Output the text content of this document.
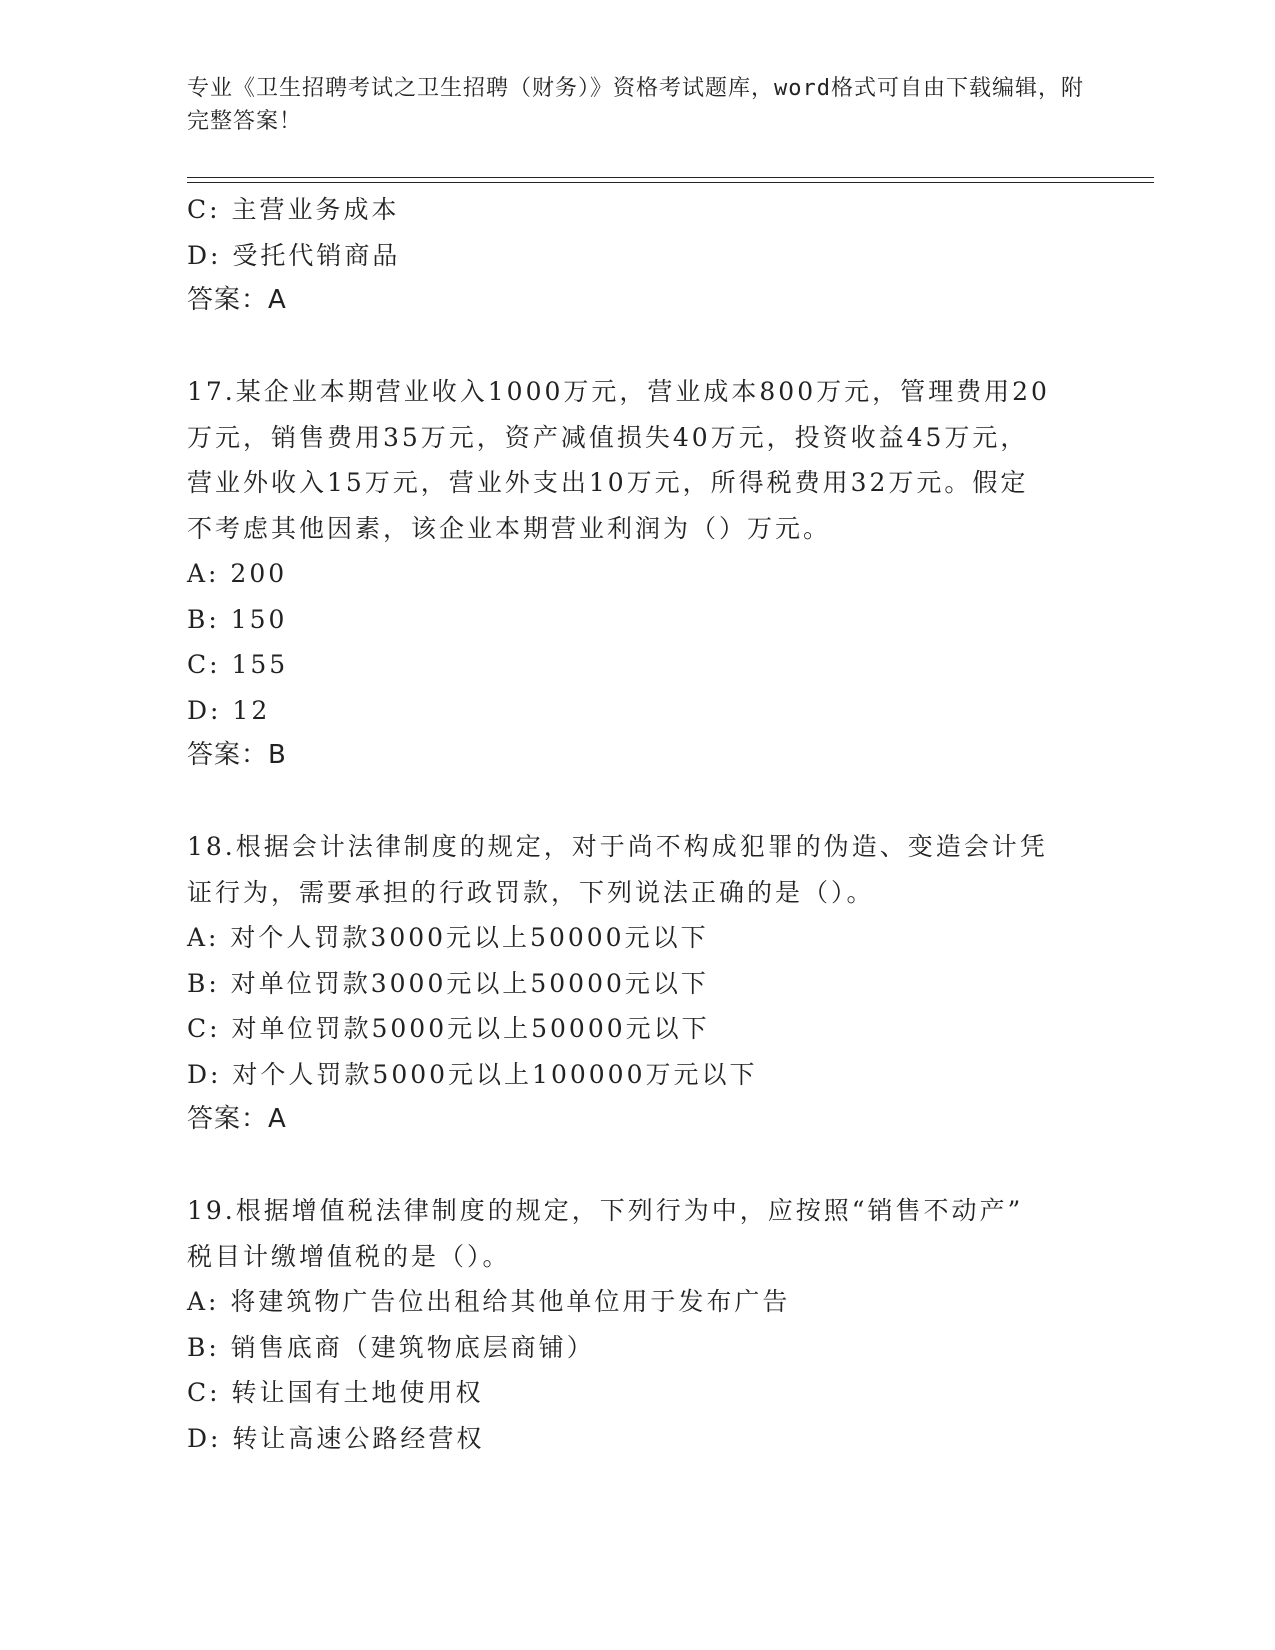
专业《卫生招聘考试之卫生招聘（财务）》资格考试题库，word格式可自由下载编辑，附完整答案！
C: 主营业务成本
D: 受托代销商品
答案：A
17.某企业本期营业收入1000万元，营业成本800万元，管理费用20
万元，销售费用35万元，资产减值损失40万元，投资收益45万元，
营业外收入15万元，营业外支出10万元，所得税费用32万元。假定
不考虑其他因素，该企业本期营业利润为（）万元。
A: 200
B: 150
C: 155
D: 12
答案：B
18.根据会计法律制度的规定，对于尚不构成犯罪的伪造、变造会计凭
证行为，需要承担的行政罚款，下列说法正确的是（）。
A: 对个人罚款3000元以上50000元以下
B: 对单位罚款3000元以上50000元以下
C: 对单位罚款5000元以上50000元以下
D: 对个人罚款5000元以上100000万元以下
答案：A
19.根据增值税法律制度的规定，下列行为中，应按照“销售不动产”
税目计缴增值税的是（）。
A: 将建筑物广告位出租给其他单位用于发布广告
B: 销售底商（建筑物底层商铺）
C: 转让国有土地使用权
D: 转让高速公路经营权
